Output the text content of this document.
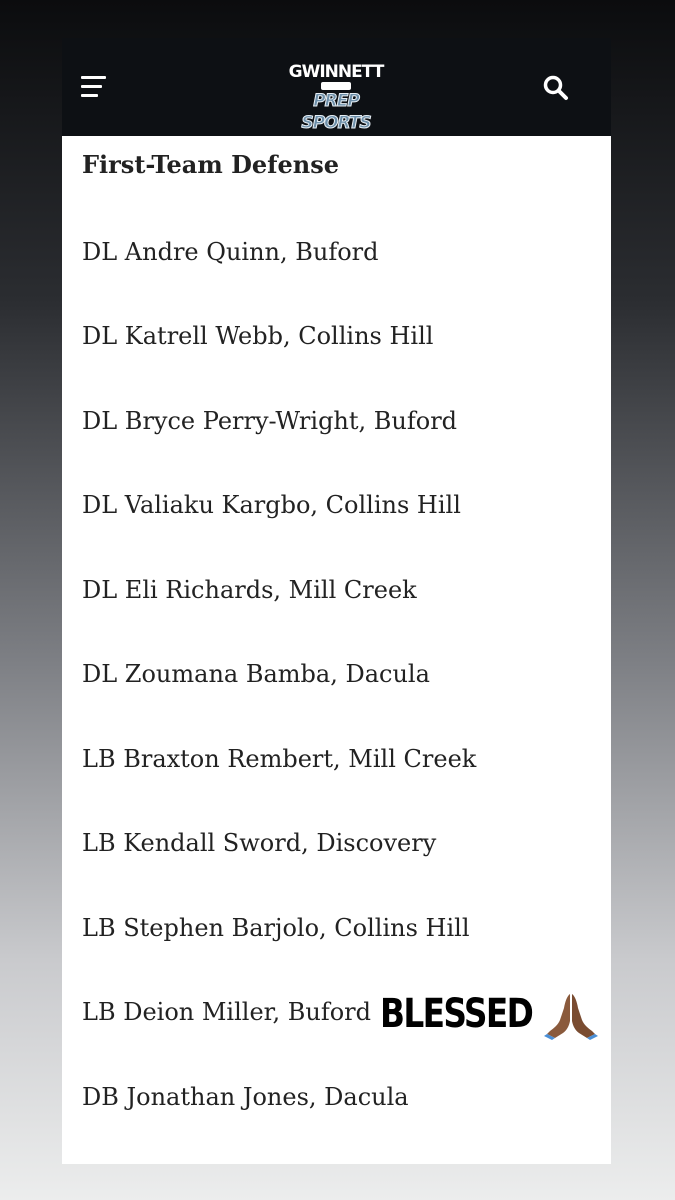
GWINNETT
PREP SPORTS
First-Team Defense

DL Andre Quinn, Buford

DL Katrell Webb, Collins Hill

DL Bryce Perry-Wright, Buford

DL Valiaku Kargbo, Collins Hill

DL Eli Richards, Mill Creek

DL Zoumana Bamba, Dacula

LB Braxton Rembert, Mill Creek

LB Kendall Sword, Discovery

LB Stephen Barjolo, Collins Hill

LB Deion Miller, Buford

DB Jonathan Jones, Dacula

BLESSED
